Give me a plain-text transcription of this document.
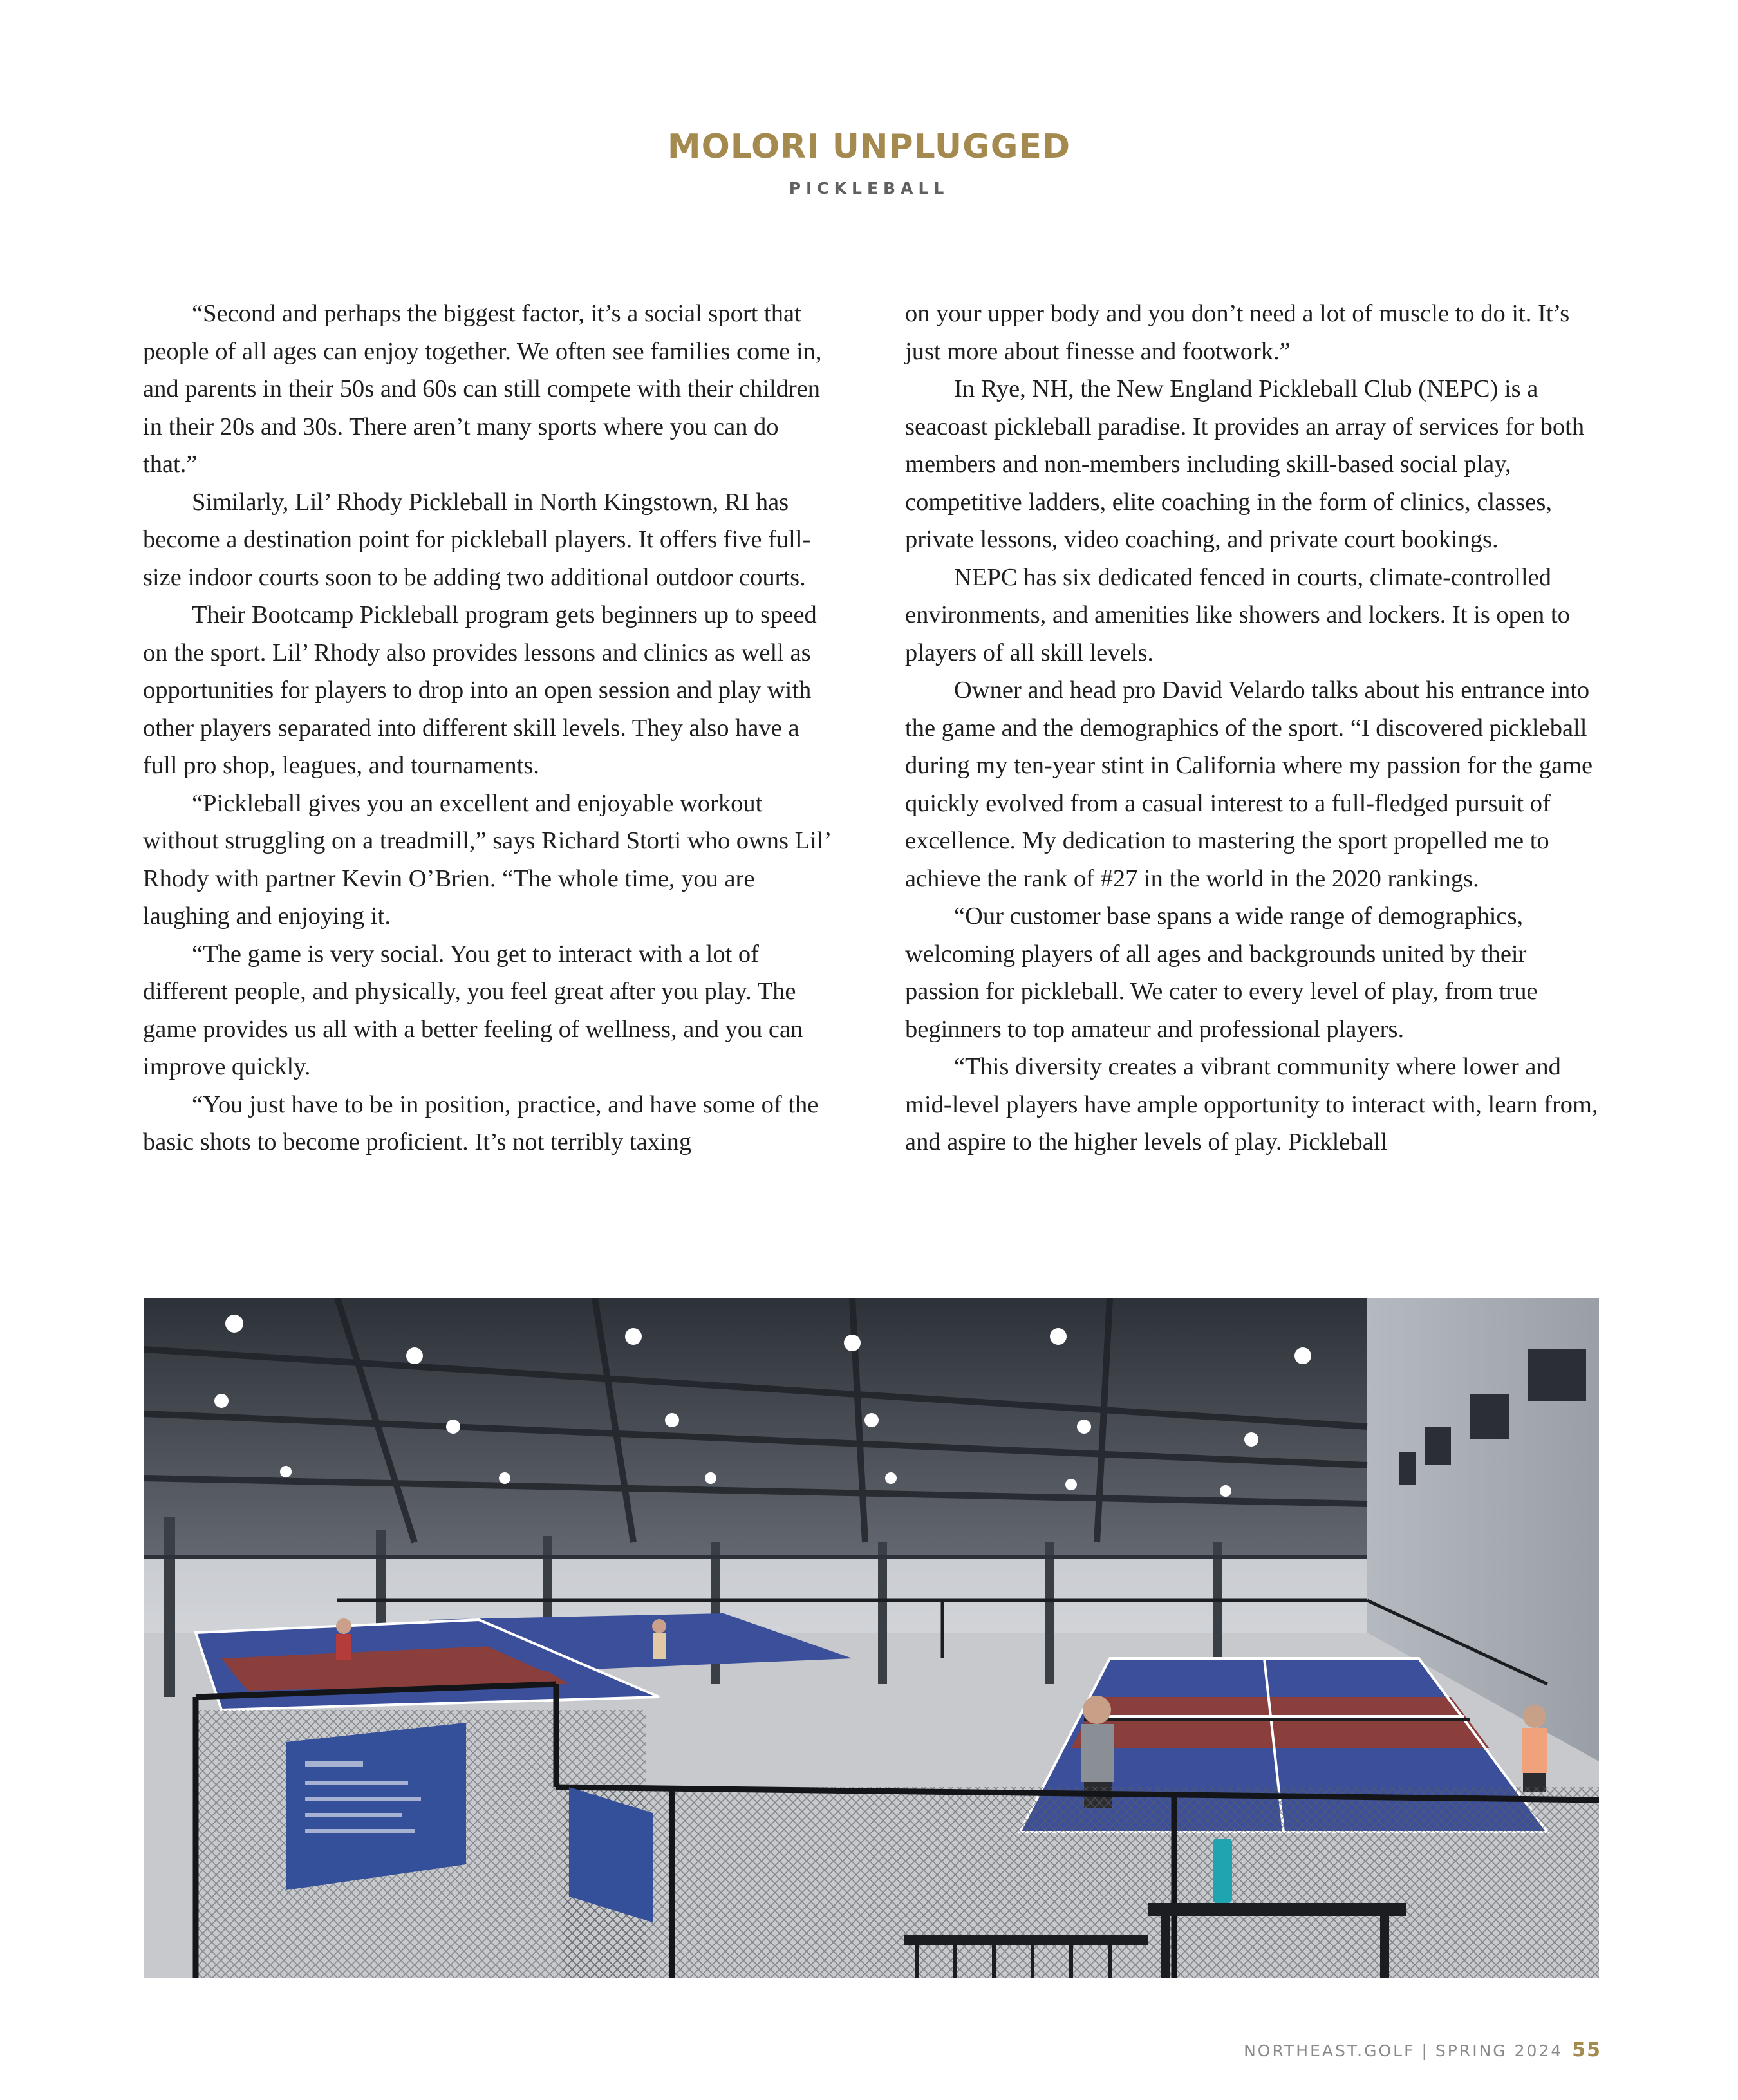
MOLORI UNPLUGGED
PICKLEBALL

“Second and perhaps the biggest factor, it’s a social sport that people of all ages can enjoy together. We often see families come in, and parents in their 50s and 60s can still compete with their children in their 20s and 30s. There aren’t many sports where you can do that.”

Similarly, Lil’ Rhody Pickleball in North Kingstown, RI has become a destination point for pickleball players. It offers five full-size indoor courts soon to be adding two additional outdoor courts.

Their Bootcamp Pickleball program gets beginners up to speed on the sport. Lil’ Rhody also provides lessons and clinics as well as opportunities for players to drop into an open session and play with other players separated into different skill levels. They also have a full pro shop, leagues, and tournaments.

“Pickleball gives you an excellent and enjoyable workout without struggling on a treadmill,” says Richard Storti who owns Lil’ Rhody with partner Kevin O’Brien. “The whole time, you are laughing and enjoying it.

“The game is very social. You get to interact with a lot of different people, and physically, you feel great after you play. The game provides us all with a better feeling of wellness, and you can improve quickly.

“You just have to be in position, practice, and have some of the basic shots to become proficient. It’s not terribly taxing

on your upper body and you don’t need a lot of muscle to do it. It’s just more about finesse and footwork.”

In Rye, NH, the New England Pickleball Club (NEPC) is a seacoast pickleball paradise. It provides an array of services for both members and non-members including skill-based social play, competitive ladders, elite coaching in the form of clinics, classes, private lessons, video coaching, and private court bookings.

NEPC has six dedicated fenced in courts, climate-controlled environments, and amenities like showers and lockers. It is open to players of all skill levels.

Owner and head pro David Velardo talks about his entrance into the game and the demographics of the sport. “I discovered pickleball during my ten-year stint in California where my passion for the game quickly evolved from a casual interest to a full-fledged pursuit of excellence. My dedication to mastering the sport propelled me to achieve the rank of #27 in the world in the 2020 rankings.

“Our customer base spans a wide range of demographics, welcoming players of all ages and backgrounds united by their passion for pickleball. We cater to every level of play, from true beginners to top amateur and professional players.

“This diversity creates a vibrant community where lower and mid-level players have ample opportunity to interact with, learn from, and aspire to the higher levels of play. Pickleball

NORTHEAST.GOLF | SPRING 2024 55
